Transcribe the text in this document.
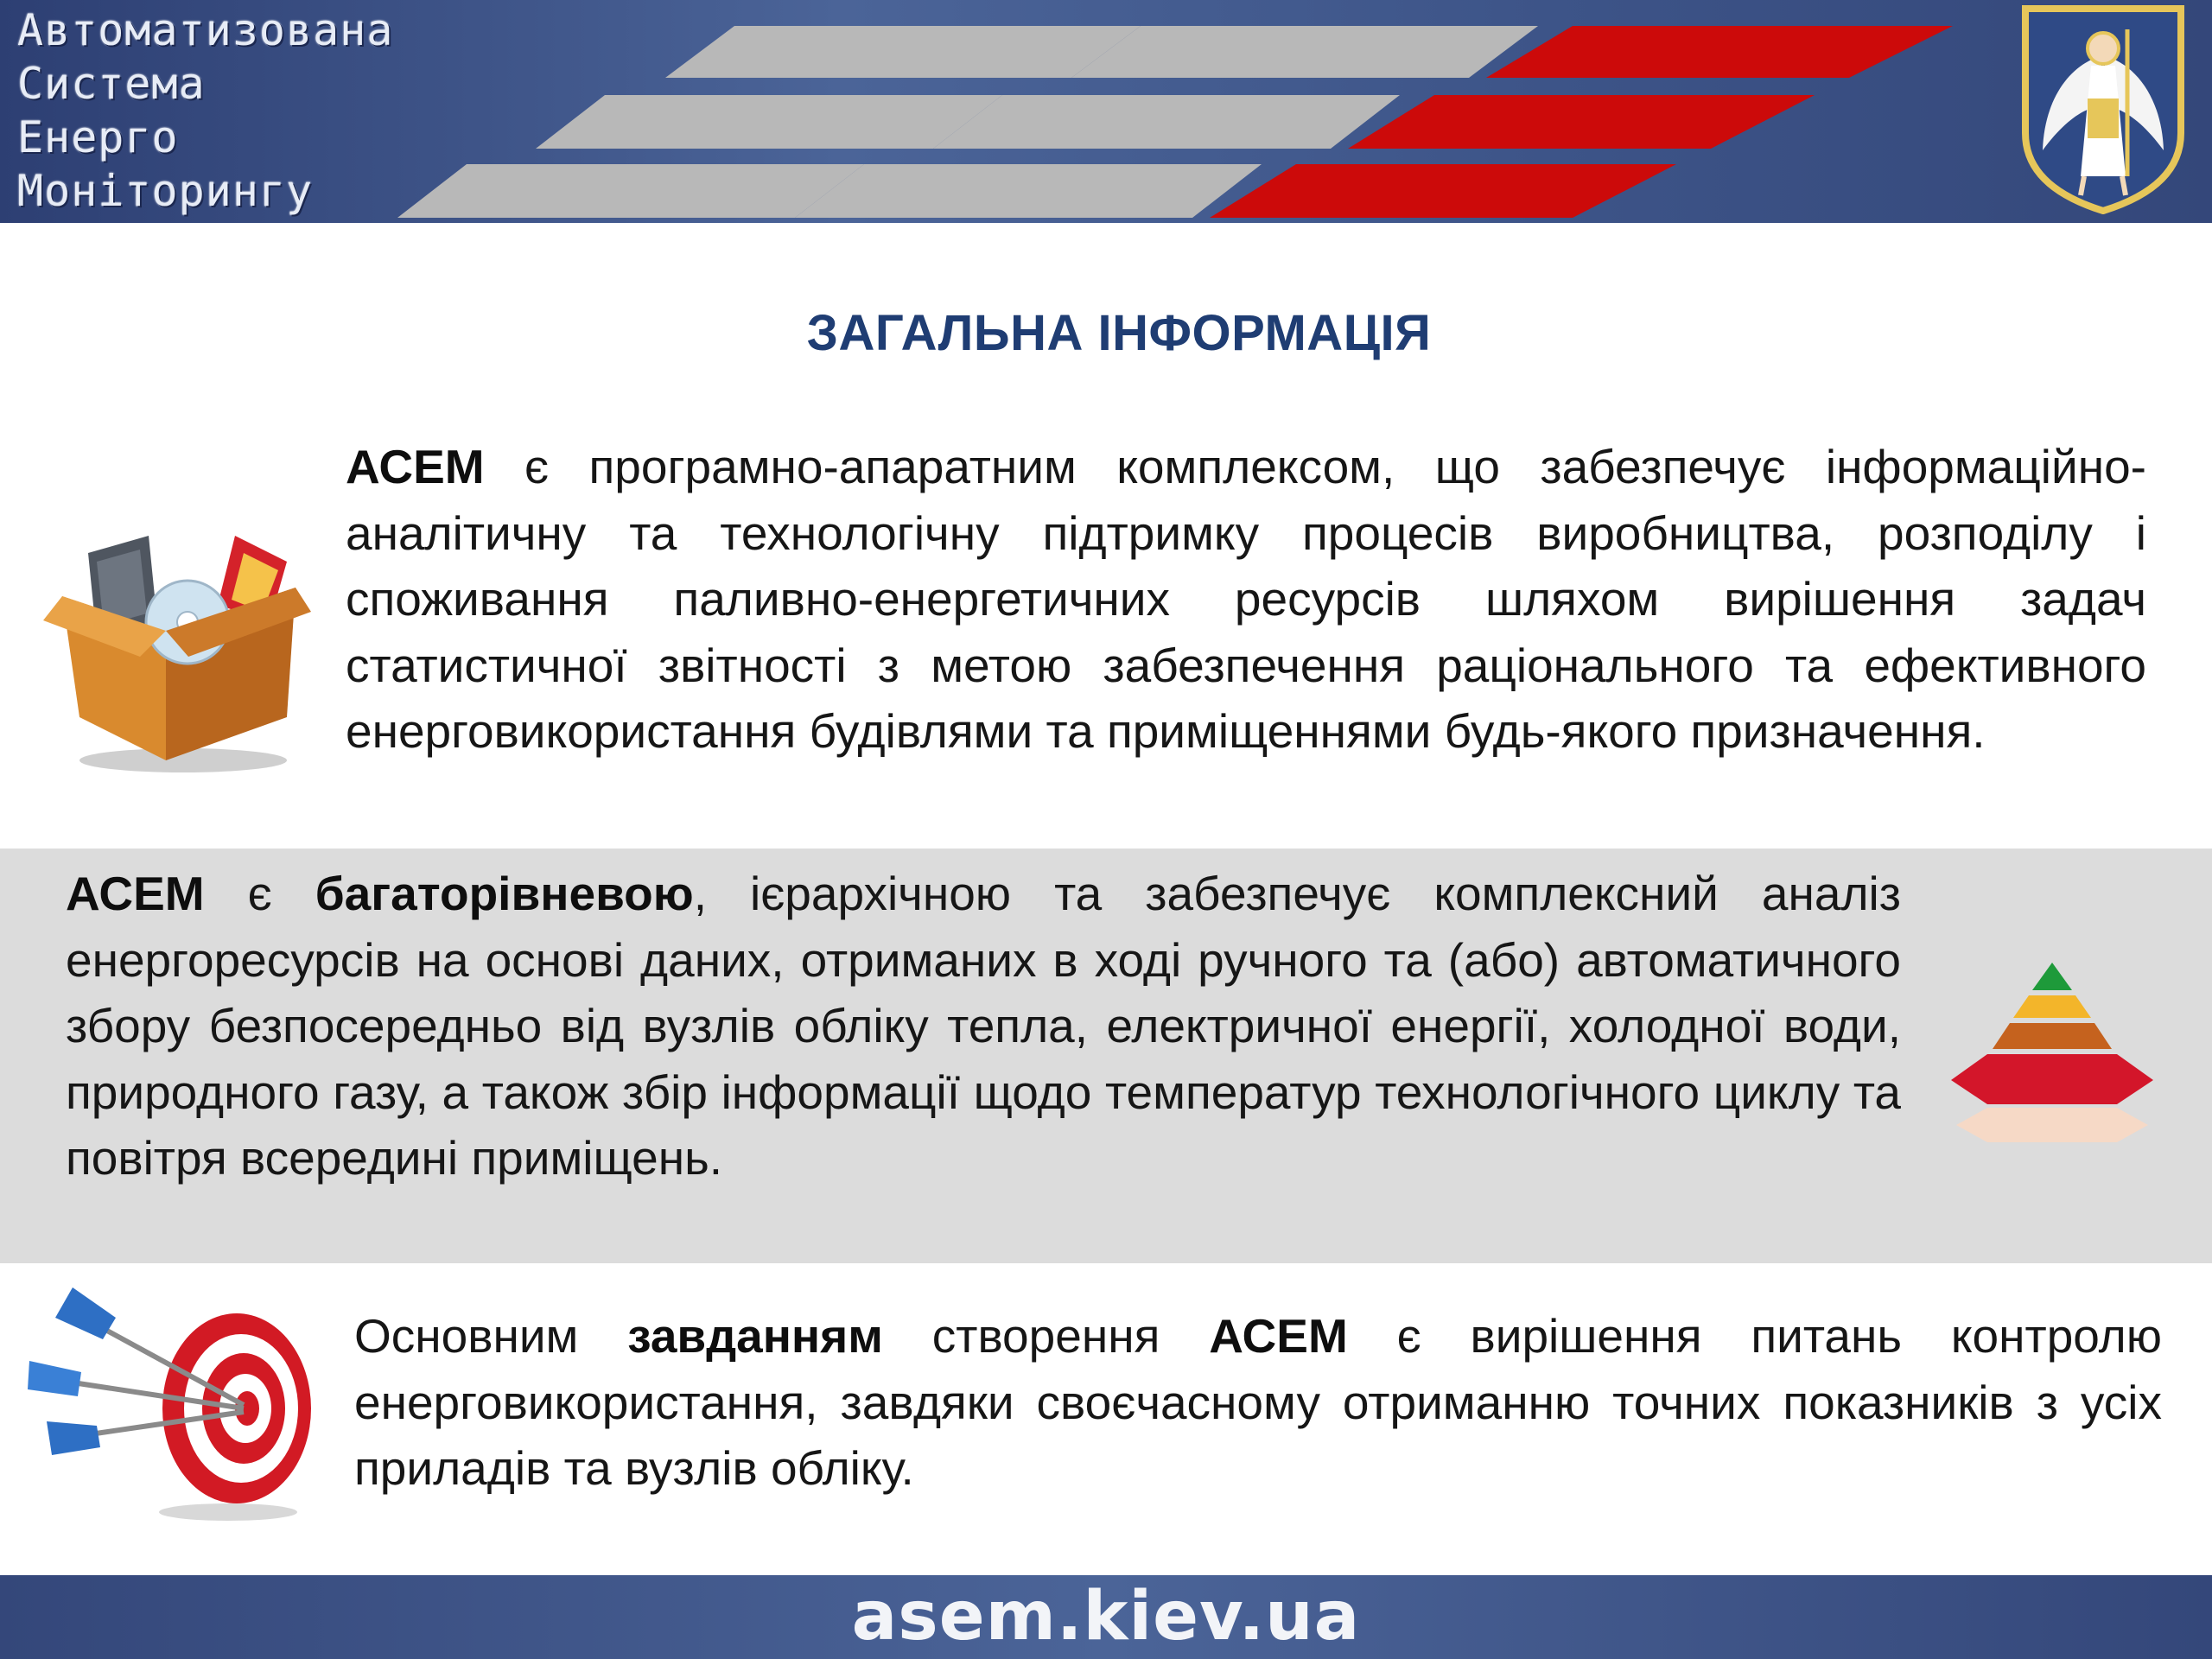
Автоматизована
Система
Енерго
Моніторингу
ЗАГАЛЬНА ІНФОРМАЦІЯ
АСЕМ є програмно-апаратним комплексом, що забезпечує інформаційно-аналітичну та технологічну підтримку процесів виробництва, розподілу і споживання паливно-енергетичних ресурсів шляхом вирішення задач статистичної звітності з метою забезпечення раціонального та ефективного енерговикористання будівлями та приміщеннями будь-якого призначення.
АСЕМ є багаторівневою, ієрархічною та забезпечує комплексний аналіз енергоресурсів на основі даних, отриманих в ході ручного та (або) автоматичного збору безпосередньо від вузлів обліку тепла, електричної енергії, холодної води, природного газу, а також збір інформації щодо температур технологічного циклу та повітря всередині приміщень.
Основним завданням створення АСЕМ є вирішення питань контролю енерговикористання, завдяки своєчасному отриманню точних показників з усіх приладів та вузлів обліку.
asem.kiev.ua
